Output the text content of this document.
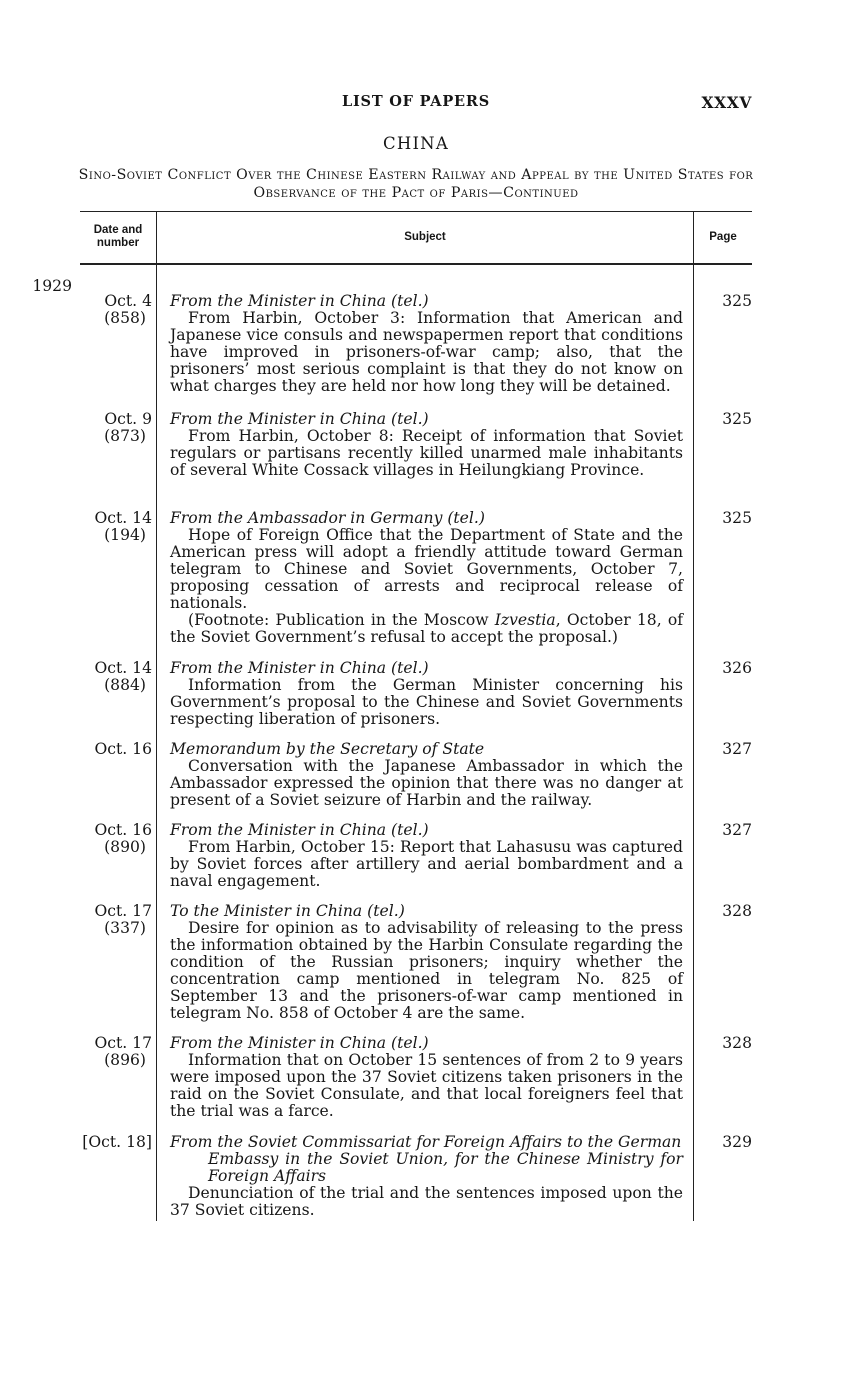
LIST OF PAPERS	XXXV
CHINA
Sino-Soviet Conflict Over the Chinese Eastern Railway and Appeal by the United States for Observance of the Pact of Paris—Continued
Date and number
Subject	Page
1929
Oct. 4
(858)
From the Minister in China (tel.)
From Harbin, October 3: Information that American and Japanese vice consuls and newspapermen report that conditions have improved in prisoners-of-war camp; also, that the prisoners’ most serious complaint is that they do not know on what charges they are held nor how long they will be detained.
325
Oct. 9
(873)
From the Minister in China (tel.)
From Harbin, October 8: Receipt of information that Soviet regulars or partisans recently killed unarmed male inhabitants of several White Cossack villages in Heilungkiang Province.
325
Oct. 14
(194)
From the Ambassador in Germany (tel.)
Hope of Foreign Office that the Department of State and the American press will adopt a friendly attitude toward German telegram to Chinese and Soviet Governments, October 7, proposing cessation of arrests and reciprocal release of nationals.
(Footnote: Publication in the Moscow Izvestia, October 18, of the Soviet Government’s refusal to accept the proposal.)
325
Oct. 14
(884)
From the Minister in China (tel.)
Information from the German Minister concerning his Government’s proposal to the Chinese and Soviet Governments respecting liberation of prisoners.
326
Oct. 16 Memorandum by the Secretary of State
Conversation with the Japanese Ambassador in which the Ambassador expressed the opinion that there was no danger at present of a Soviet seizure of Harbin and the railway.
327
Oct. 16
(890)
From the Minister in China (tel.)
From Harbin, October 15: Report that Lahasusu was captured by Soviet forces after artillery and aerial bombardment and a naval engagement.
327
Oct. 17
(337)
To the Minister in China (tel.)
Desire for opinion as to advisability of releasing to the press the information obtained by the Harbin Consulate regarding the condition of the Russian prisoners; inquiry whether the concentration camp mentioned in telegram No. 825 of September 13 and the prisoners-of-war camp mentioned in telegram No. 858 of October 4 are the same.
328
Oct. 17
(896)
From the Minister in China (tel.)
Information that on October 15 sentences of from 2 to 9 years were imposed upon the 37 Soviet citizens taken prisoners in the raid on the Soviet Consulate, and that local foreigners feel that the trial was a farce.
328
[Oct. 18] From the Soviet Commissariat for Foreign Affairs to the German
Embassy in the Soviet Union, for the Chinese Ministry for Foreign Affairs
Denunciation of the trial and the sentences imposed upon the 37 Soviet citizens.
329
